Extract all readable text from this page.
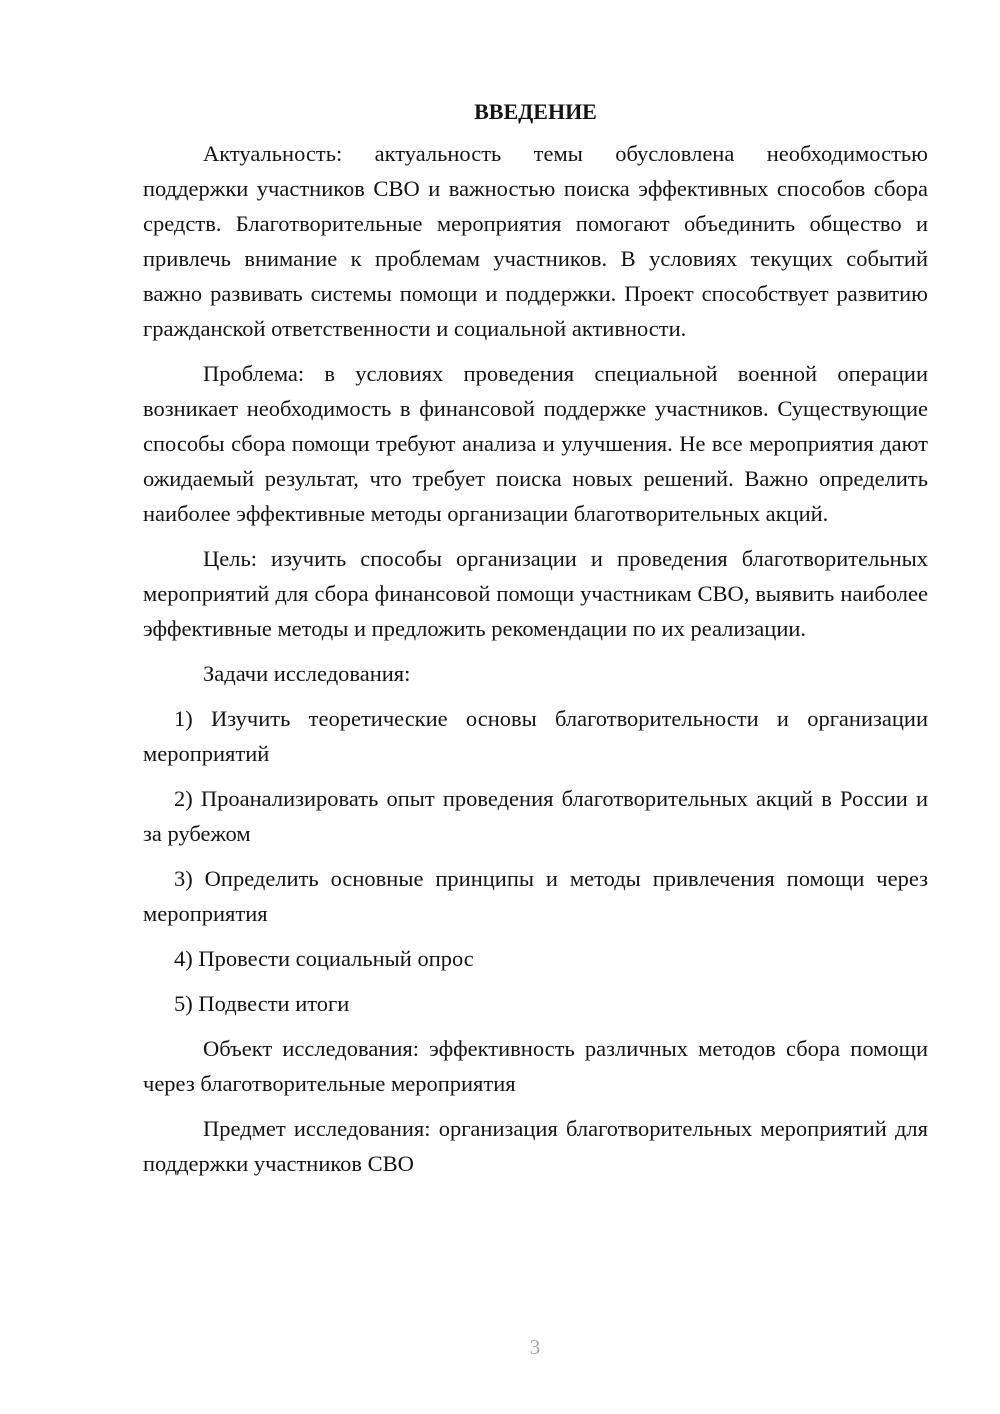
ВВЕДЕНИЕ

Актуальность: актуальность темы обусловлена необходимостью поддержки участников СВО и важностью поиска эффективных способов сбора средств. Благотворительные мероприятия помогают объединить общество и привлечь внимание к проблемам участников. В условиях текущих событий важно развивать системы помощи и поддержки. Проект способствует развитию гражданской ответственности и социальной активности.

Проблема: в условиях проведения специальной военной операции возникает необходимость в финансовой поддержке участников. Существующие способы сбора помощи требуют анализа и улучшения. Не все мероприятия дают ожидаемый результат, что требует поиска новых решений. Важно определить наиболее эффективные методы организации благотворительных акций.

Цель: изучить способы организации и проведения благотворительных мероприятий для сбора финансовой помощи участникам СВО, выявить наиболее эффективные методы и предложить рекомендации по их реализации.

Задачи исследования:

1) Изучить теоретические основы благотворительности и организации мероприятий

2) Проанализировать опыт проведения благотворительных акций в России и за рубежом

3) Определить основные принципы и методы привлечения помощи через мероприятия

4) Провести социальный опрос

5) Подвести итоги

Объект исследования: эффективность различных методов сбора помощи через благотворительные мероприятия

Предмет исследования: организация благотворительных мероприятий для поддержки участников СВО

3
